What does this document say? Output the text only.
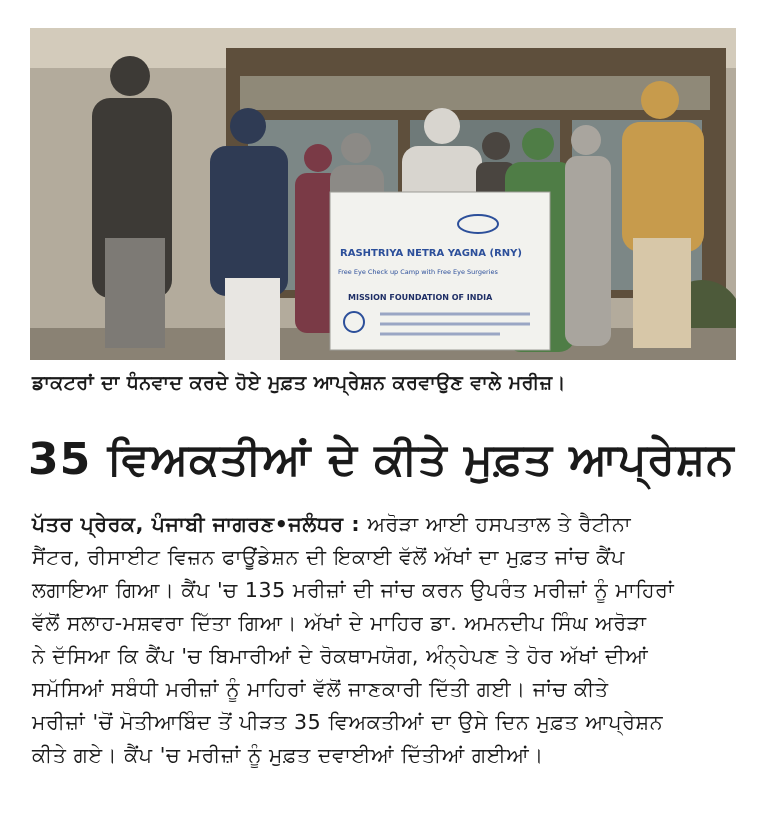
RASHTRIYA NETRA YAGNA (RNY)
Free Eye Check up Camp with Free Eye Surgeries
MISSION FOUNDATION OF INDIA
ਡਾਕਟਰਾਂ ਦਾ ਧੰਨਵਾਦ ਕਰਦੇ ਹੋਏ ਮੁਫ਼ਤ ਆਪ੍ਰੇਸ਼ਨ ਕਰਵਾਉਣ ਵਾਲੇ ਮਰੀਜ਼।
35 ਵਿਅਕਤੀਆਂ ਦੇ ਕੀਤੇ ਮੁਫ਼ਤ ਆਪ੍ਰੇਸ਼ਨ

ਪੱਤਰ ਪ੍ਰੇਰਕ, ਪੰਜਾਬੀ ਜਾਗਰਣ•ਜਲੰਧਰ : ਅਰੋੜਾ ਆਈ ਹਸਪਤਾਲ ਤੇ ਰੈਟੀਨਾ

ਸੈਂਟਰ, ਰੀਸਾਈਟ ਵਿਜ਼ਨ ਫਾਊਂਡੇਸ਼ਨ ਦੀ ਇਕਾਈ ਵੱਲੋਂ ਅੱਖਾਂ ਦਾ ਮੁਫ਼ਤ ਜਾਂਚ ਕੈਂਪ

ਲਗਾਇਆ ਗਿਆ। ਕੈਂਪ 'ਚ 135 ਮਰੀਜ਼ਾਂ ਦੀ ਜਾਂਚ ਕਰਨ ਉਪਰੰਤ ਮਰੀਜ਼ਾਂ ਨੂੰ ਮਾਹਿਰਾਂ

ਵੱਲੋਂ ਸਲਾਹ-ਮਸ਼ਵਰਾ ਦਿੱਤਾ ਗਿਆ। ਅੱਖਾਂ ਦੇ ਮਾਹਿਰ ਡਾ. ਅਮਨਦੀਪ ਸਿੰਘ ਅਰੋੜਾ

ਨੇ ਦੱਸਿਆ ਕਿ ਕੈਂਪ 'ਚ ਬਿਮਾਰੀਆਂ ਦੇ ਰੋਕਥਾਮਯੋਗ, ਅੰਨ੍ਹੇਪਣ ਤੇ ਹੋਰ ਅੱਖਾਂ ਦੀਆਂ

ਸਮੱਸਿਆਂ ਸਬੰਧੀ ਮਰੀਜ਼ਾਂ ਨੂੰ ਮਾਹਿਰਾਂ ਵੱਲੋਂ ਜਾਣਕਾਰੀ ਦਿੱਤੀ ਗਈ। ਜਾਂਚ ਕੀਤੇ

ਮਰੀਜ਼ਾਂ 'ਚੋਂ ਮੋਤੀਆਬਿੰਦ ਤੋਂ ਪੀੜਤ 35 ਵਿਅਕਤੀਆਂ ਦਾ ਉਸੇ ਦਿਨ ਮੁਫ਼ਤ ਆਪ੍ਰੇਸ਼ਨ

ਕੀਤੇ ਗਏ। ਕੈਂਪ 'ਚ ਮਰੀਜ਼ਾਂ ਨੂੰ ਮੁਫ਼ਤ ਦਵਾਈਆਂ ਦਿੱਤੀਆਂ ਗਈਆਂ।
